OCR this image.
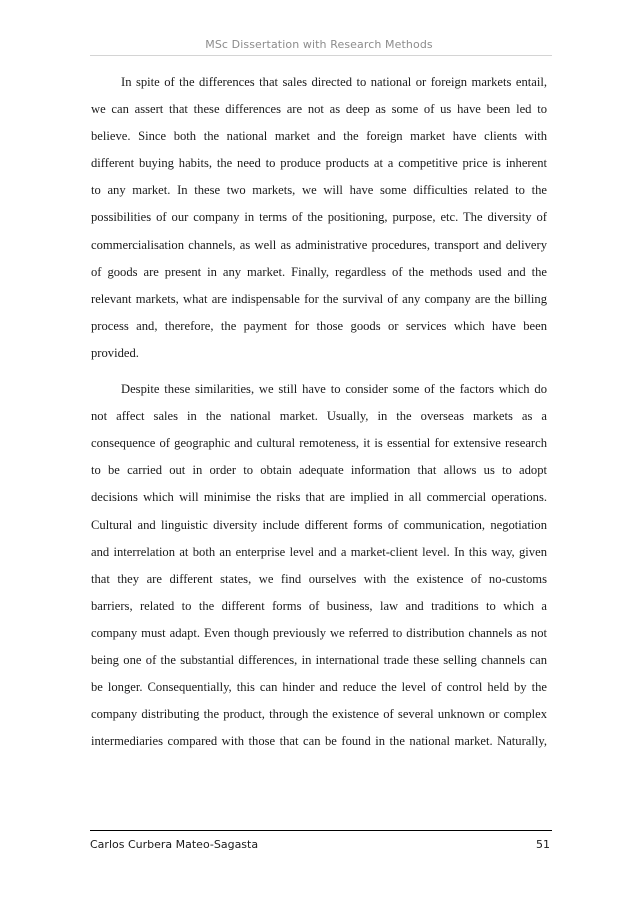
MSc Dissertation with Research Methods
In spite of the differences that sales directed to national or foreign markets entail,
we can assert that these differences are not as deep as some of us have been led to
believe. Since both the national market and the foreign market have clients with
different buying habits, the need to produce products at a competitive price is inherent
to any market. In these two markets, we will have some difficulties related to the
possibilities of our company in terms of the positioning, purpose, etc. The diversity of
commercialisation channels, as well as administrative procedures, transport and delivery
of goods are present in any market. Finally, regardless of the methods used and the
relevant markets, what are indispensable for the survival of any company are the billing
process and, therefore, the payment for those goods or services which have been
provided.
Despite these similarities, we still have to consider some of the factors which do
not affect sales in the national market. Usually, in the overseas markets as a
consequence of geographic and cultural remoteness, it is essential for extensive research
to be carried out in order to obtain adequate information that allows us to adopt
decisions which will minimise the risks that are implied in all commercial operations.
Cultural and linguistic diversity include different forms of communication, negotiation
and interrelation at both an enterprise level and a market-client level. In this way, given
that they are different states, we find ourselves with the existence of no-customs
barriers, related to the different forms of business, law and traditions to which a
company must adapt. Even though previously we referred to distribution channels as not
being one of the substantial differences, in international trade these selling channels can
be longer. Consequentially, this can hinder and reduce the level of control held by the
company distributing the product, through the existence of several unknown or complex
intermediaries compared with those that can be found in the national market. Naturally,
Carlos Curbera Mateo-Sagasta	51
